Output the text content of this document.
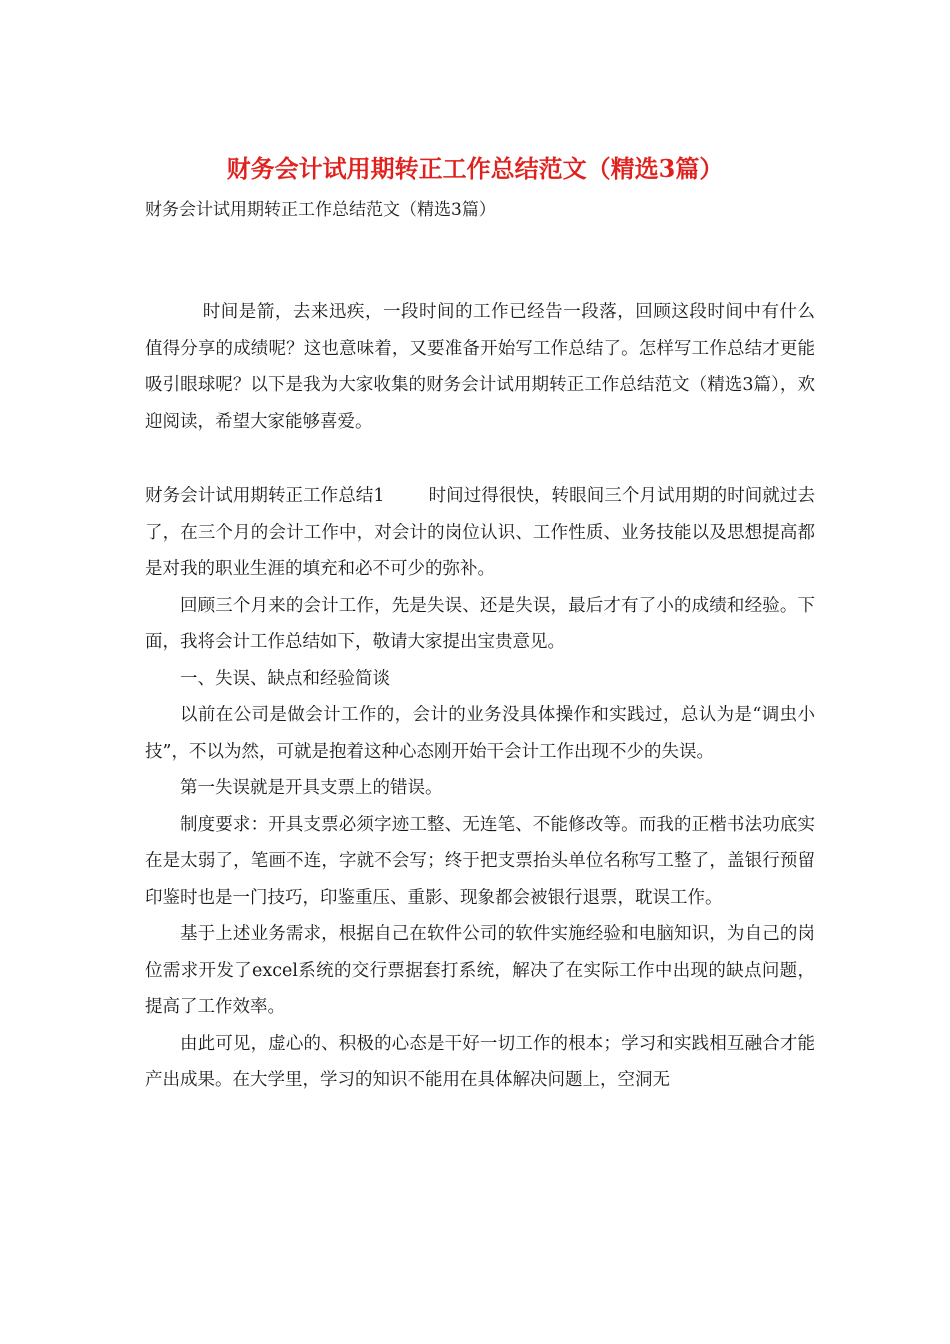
财务会计试用期转正工作总结范文（精选3篇）
财务会计试用期转正工作总结范文（精选3篇）

时间是箭，去来迅疾，一段时间的工作已经告一段落，回顾这段时间中有什么值得分享的成绩呢？这也意味着，又要准备开始写工作总结了。怎样写工作总结才更能吸引眼球呢？以下是我为大家收集的财务会计试用期转正工作总结范文（精选3篇），欢迎阅读，希望大家能够喜爱。

财务会计试用期转正工作总结1	时间过得很快，转眼间三个月试用期的时间就过去了，在三个月的会计工作中，对会计的岗位认识、工作性质、业务技能以及思想提高都是对我的职业生涯的填充和必不可少的弥补。

回顾三个月来的会计工作，先是失误、还是失误，最后才有了小的成绩和经验。下面，我将会计工作总结如下，敬请大家提出宝贵意见。

一、失误、缺点和经验简谈

以前在公司是做会计工作的，会计的业务没具体操作和实践过，总认为是“调虫小技”，不以为然，可就是抱着这种心态刚开始干会计工作出现不少的失误。

第一失误就是开具支票上的错误。

制度要求：开具支票必须字迹工整、无连笔、不能修改等。而我的正楷书法功底实在是太弱了，笔画不连，字就不会写；终于把支票抬头单位名称写工整了，盖银行预留印鉴时也是一门技巧，印鉴重压、重影、现象都会被银行退票，耽误工作。

基于上述业务需求，根据自己在软件公司的软件实施经验和电脑知识，为自己的岗位需求开发了excel系统的交行票据套打系统，解决了在实际工作中出现的缺点问题，提高了工作效率。

由此可见，虚心的、积极的心态是干好一切工作的根本；学习和实践相互融合才能产出成果。在大学里，学习的知识不能用在具体解决问题上，空洞无
